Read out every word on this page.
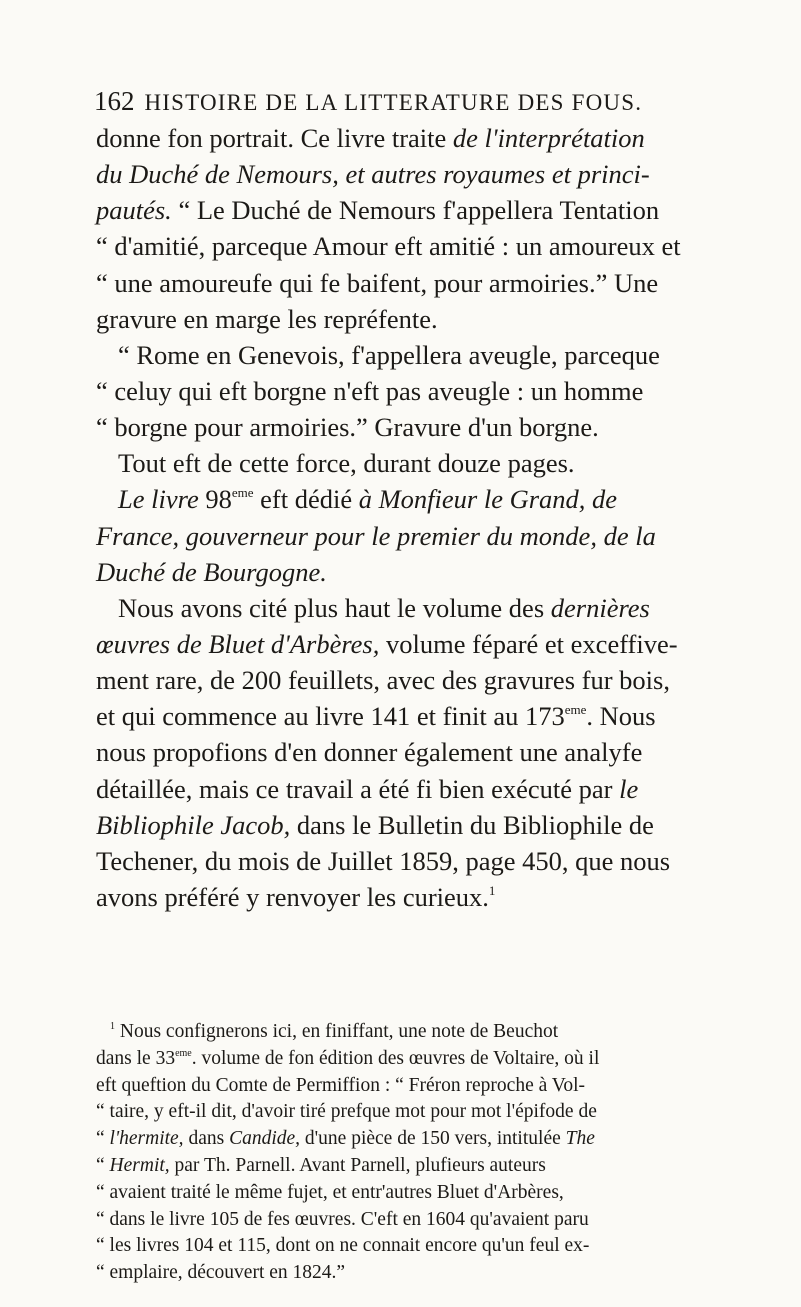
162 HISTOIRE DE LA LITTERATURE DES FOUS.
donne fon portrait. Ce livre traite de l'interprétation
du Duché de Nemours, et autres royaumes et princi-
pautés. “ Le Duché de Nemours f'appellera Tentation
“ d'amitié, parceque Amour eft amitié : un amoureux et
“ une amoureufe qui fe baifent, pour armoiries.” Une
gravure en marge les repréfente.
“ Rome en Genevois, f'appellera aveugle, parceque
“ celuy qui eft borgne n'eft pas aveugle : un homme
“ borgne pour armoiries.” Gravure d'un borgne.
Tout eft de cette force, durant douze pages.
Le livre 98eme eft dédié à Monfieur le Grand, de
France, gouverneur pour le premier du monde, de la
Duché de Bourgogne.
Nous avons cité plus haut le volume des dernières
œuvres de Bluet d'Arbères, volume féparé et exceffive-
ment rare, de 200 feuillets, avec des gravures fur bois,
et qui commence au livre 141 et finit au 173eme. Nous
nous propofions d'en donner également une analyfe
détaillée, mais ce travail a été fi bien exécuté par le
Bibliophile Jacob, dans le Bulletin du Bibliophile de
Techener, du mois de Juillet 1859, page 450, que nous
avons préféré y renvoyer les curieux.$^1$
$^1$ Nous confignerons ici, en finiffant, une note de Beuchot
dans le 33eme. volume de fon édition des œuvres de Voltaire, où il
eft queftion du Comte de Permiffion : “ Fréron reproche à Vol-
“ taire, y eft-il dit, d'avoir tiré prefque mot pour mot l'épifode de
“ l'hermite, dans Candide, d'une pièce de 150 vers, intitulée The
“ Hermit, par Th. Parnell. Avant Parnell, plufieurs auteurs
“ avaient traité le même fujet, et entr'autres Bluet d'Arbères,
“ dans le livre 105 de fes œuvres. C'eft en 1604 qu'avaient paru
“ les livres 104 et 115, dont on ne connait encore qu'un feul ex-
“ emplaire, découvert en 1824.”
